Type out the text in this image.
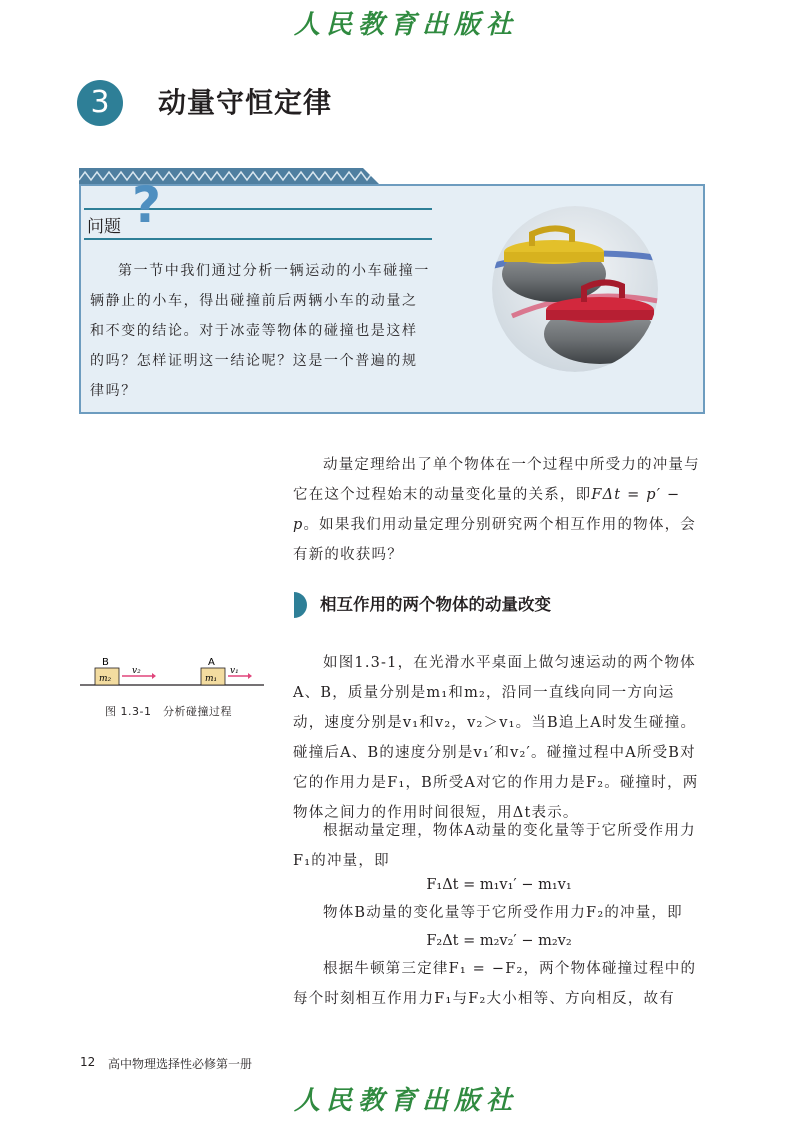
人民教育出版社
3	动量守恒定律
问题 ?
第一节中我们通过分析一辆运动的小车碰撞一辆静止的小车，得出碰撞前后两辆小车的动量之和不变的结论。对于冰壶等物体的碰撞也是这样的吗？怎样证明这一结论呢？这是一个普遍的规律吗？
动量定理给出了单个物体在一个过程中所受力的冲量与它在这个过程始末的动量变化量的关系，即FΔt = p′ − p。如果我们用动量定理分别研究两个相互作用的物体，会有新的收获吗？
相互作用的两个物体的动量改变
B
m₂
v₂
A
m₁
v₁
图 1.3-1　分析碰撞过程
如图1.3-1，在光滑水平桌面上做匀速运动的两个物体A、B，质量分别是m₁和m₂，沿同一直线向同一方向运动，速度分别是v₁和v₂，v₂＞v₁。当B追上A时发生碰撞。碰撞后A、B的速度分别是v₁′和v₂′。碰撞过程中A所受B对它的作用力是F₁，B所受A对它的作用力是F₂。碰撞时，两物体之间力的作用时间很短，用Δt表示。
根据动量定理，物体A动量的变化量等于它所受作用力F₁的冲量，即
F₁Δt = m₁v₁′ − m₁v₁
物体B动量的变化量等于它所受作用力F₂的冲量，即
F₂Δt = m₂v₂′ − m₂v₂
根据牛顿第三定律F₁ = −F₂，两个物体碰撞过程中的每个时刻相互作用力F₁与F₂大小相等、方向相反，故有
12 高中物理选择性必修第一册
人民教育出版社
